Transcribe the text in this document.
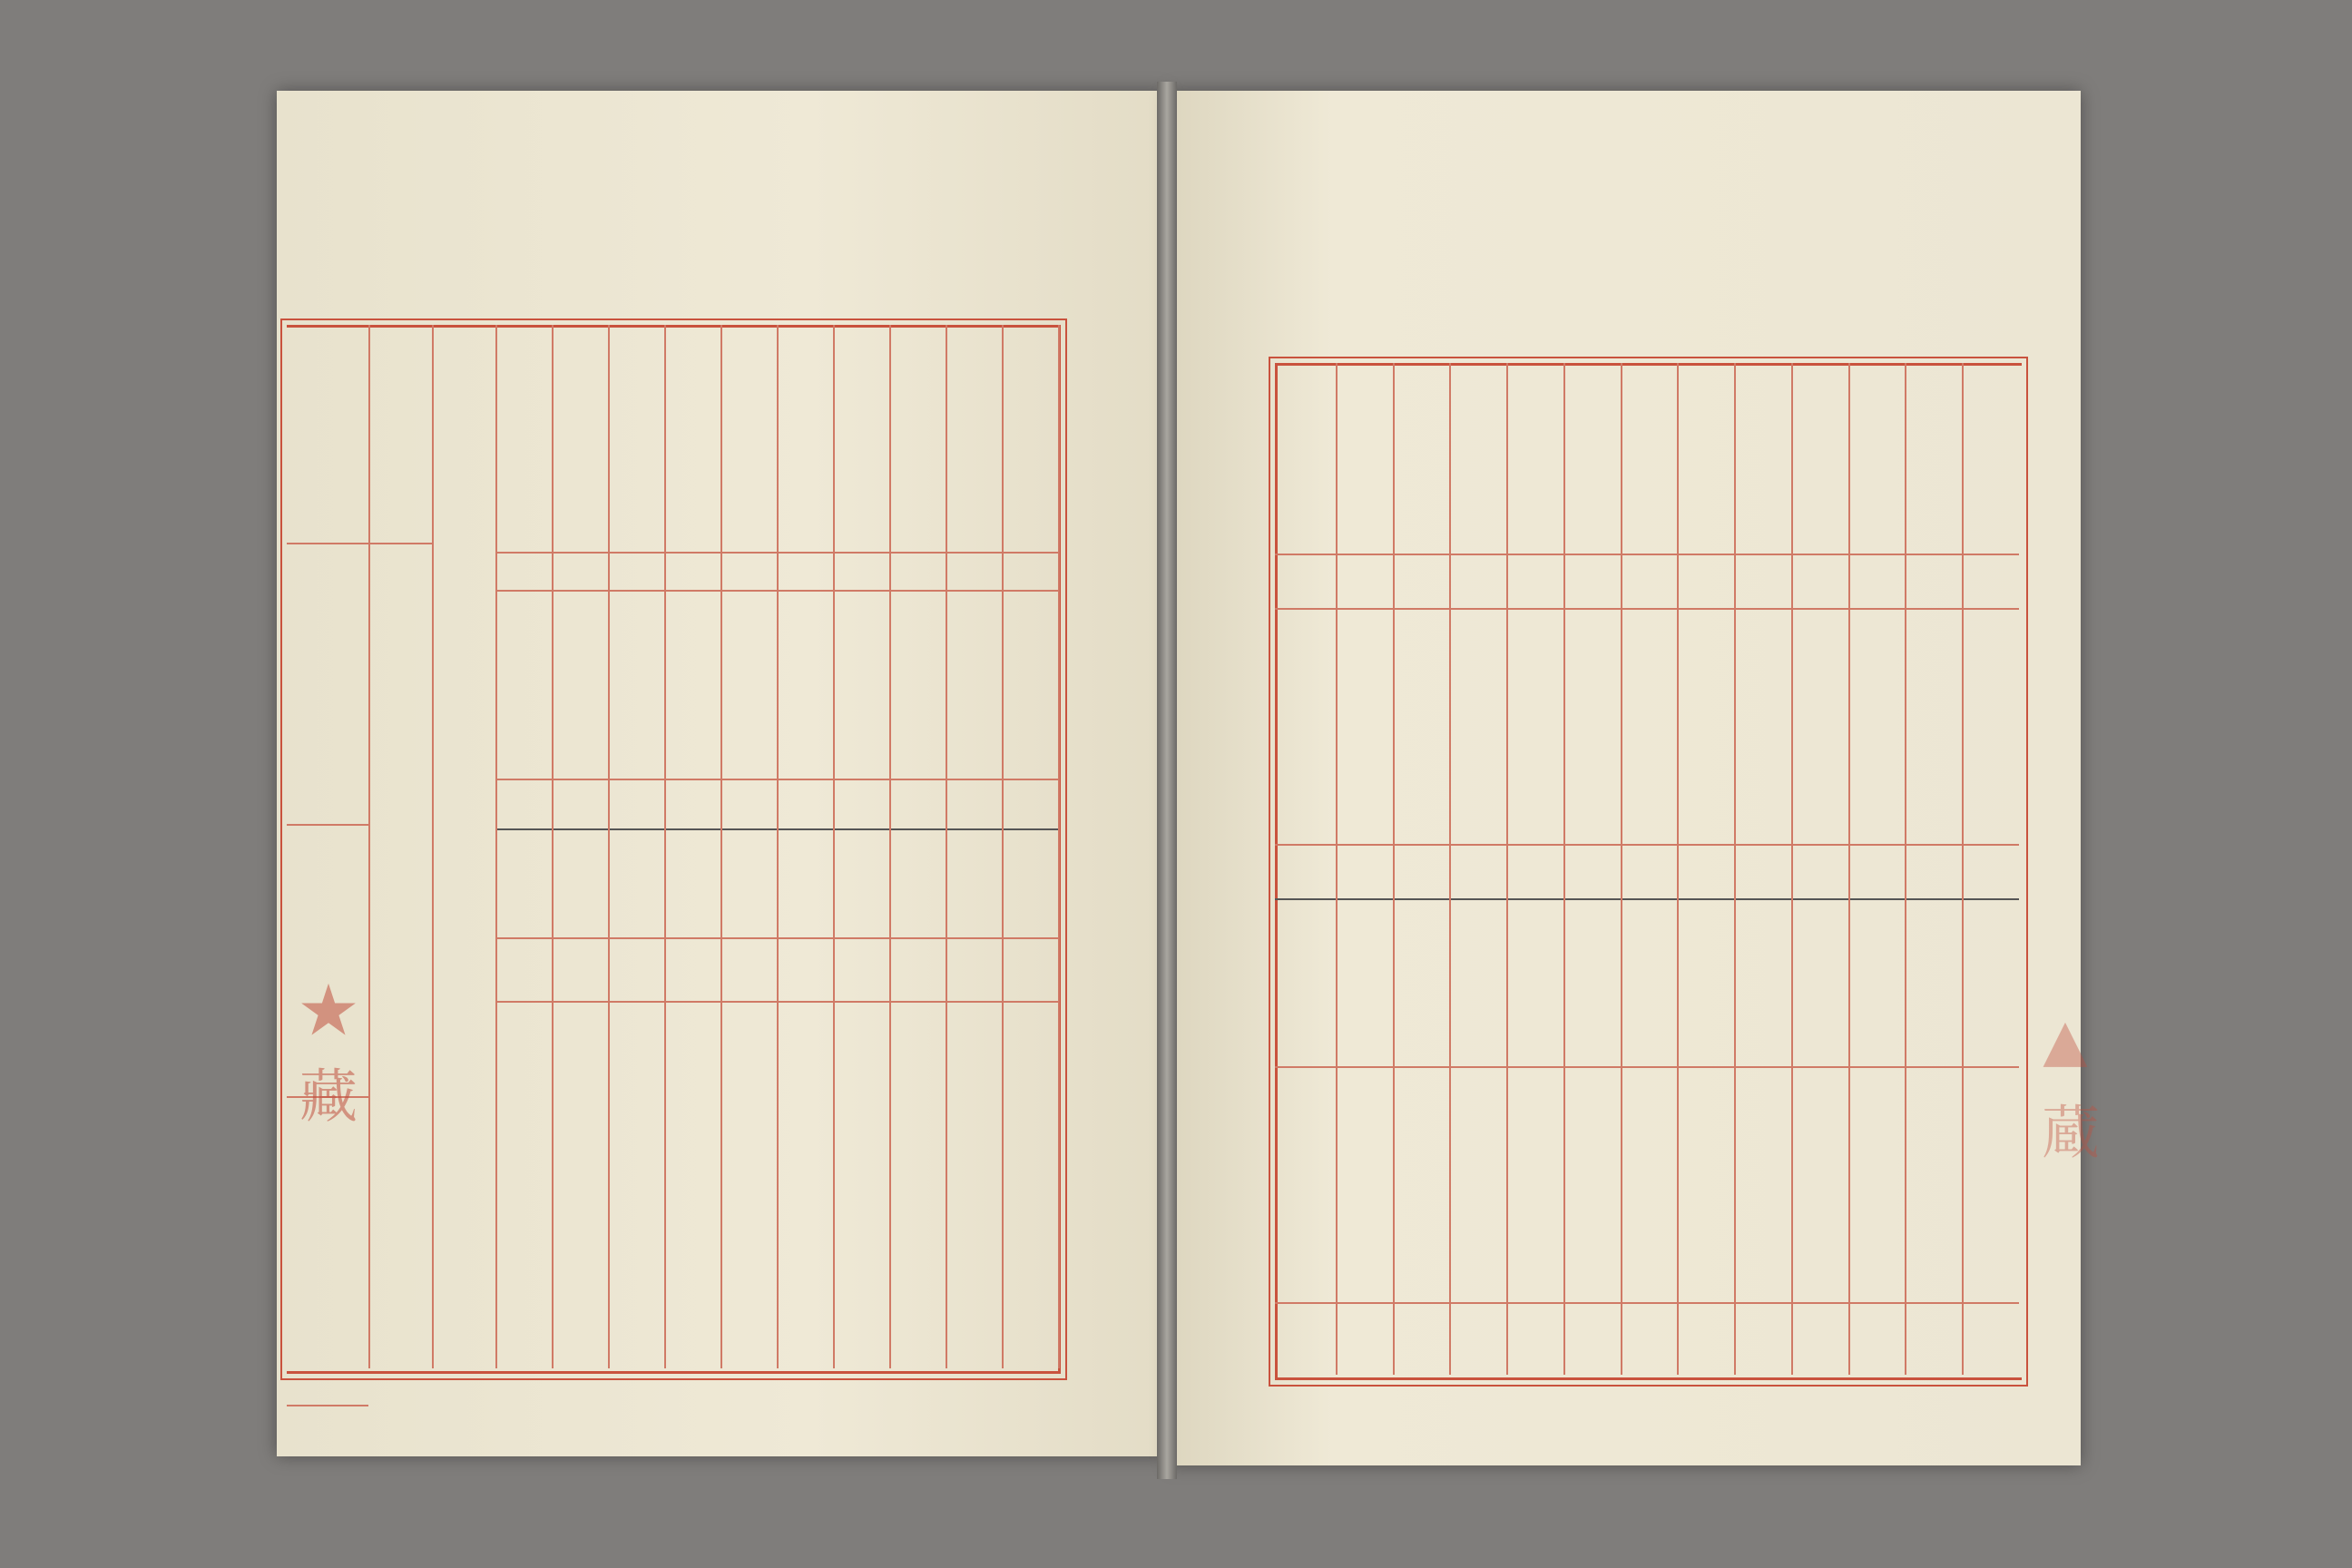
★藏	▲蔵
